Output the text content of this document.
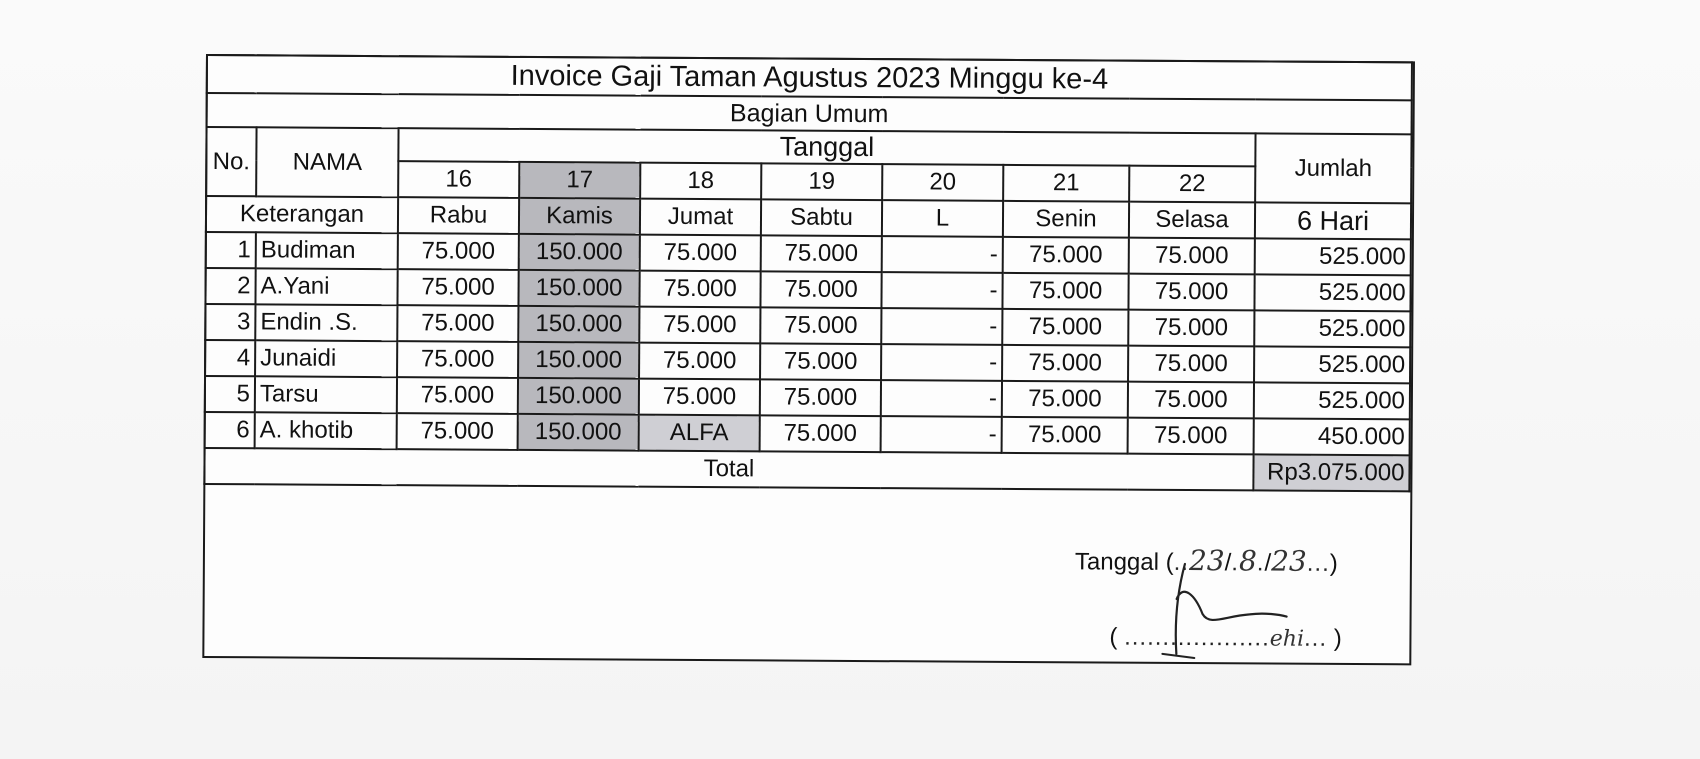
Invoice Gaji Taman Agustus 2023 Minggu ke-4									
Bagian Umum									
No.	NAMA	Tanggal							Jumlah
		16	17	18	19	20	21	22	
Keterangan		Rabu	Kamis	Jumat	Sabtu	L	Senin	Selasa	6 Hari
1	Budiman	75.000	150.000	75.000	75.000	-	75.000	75.000	525.000
2	A.Yani	75.000	150.000	75.000	75.000	-	75.000	75.000	525.000
3	Endin .S.	75.000	150.000	75.000	75.000	-	75.000	75.000	525.000
4	Junaidi	75.000	150.000	75.000	75.000	-	75.000	75.000	525.000
5	Tarsu	75.000	150.000	75.000	75.000	-	75.000	75.000	525.000
6	A. khotib	75.000	150.000	ALFA	75.000	-	75.000	75.000	450.000
Total									Rp3.075.000
Tanggal (..23/.8./23...)
( ...................ehi... )
